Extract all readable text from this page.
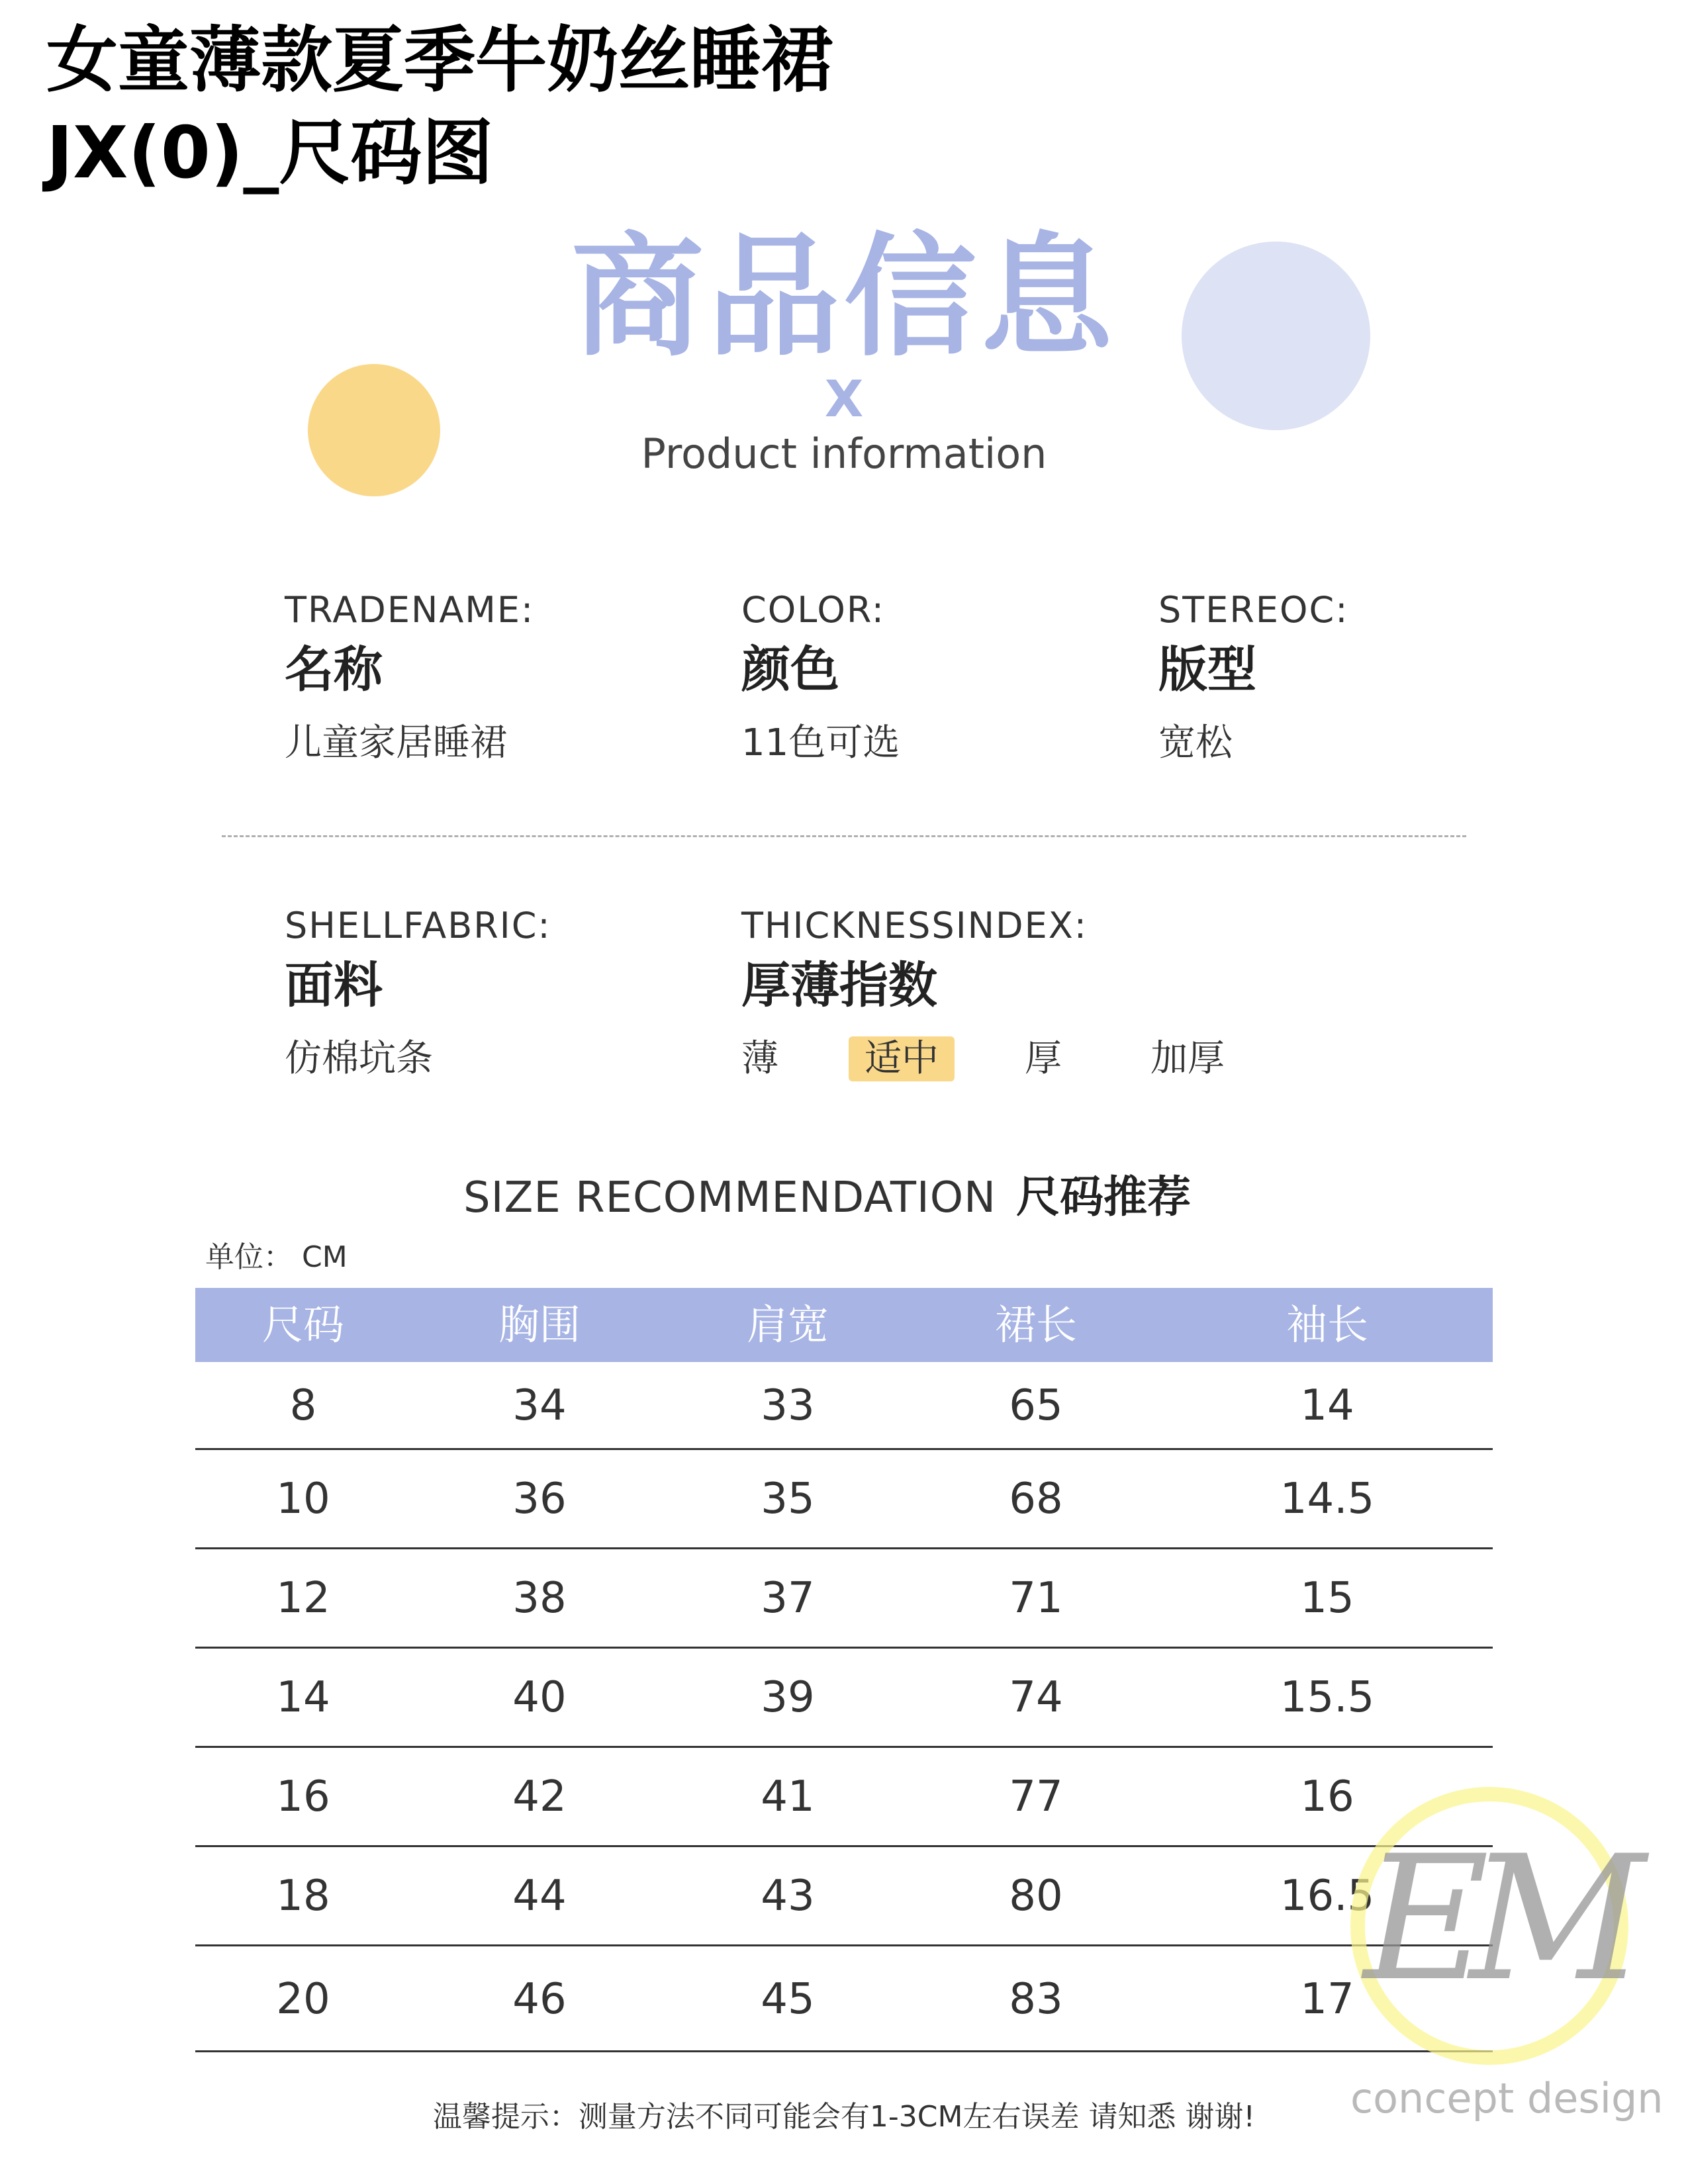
女童薄款夏季牛奶丝睡裙
JX(0)_尺码图
商品信息
X
Product information
TRADENAME:
名称
儿童家居睡裙
COLOR:
颜色
11色可选
STEREOC:
版型
宽松
SHELLFABRIC:
面料
仿棉坑条
THICKNESSINDEX:
厚薄指数
薄	适中	厚 加厚
SIZE RECOMMENDATION 尺码推荐
单位： CM
尺码	胸围	肩宽	裙长	袖长
8	34	33	65	14
10	36	35	68	14.5
12	38	37	71	15
14	40	39	74	15.5
16	42	41	77	16
18	44	43	80	16.5
20	46	45	83	17 EM
concept design
温馨提示：测量方法不同可能会有1-3CM左右误差 请知悉 谢谢!
